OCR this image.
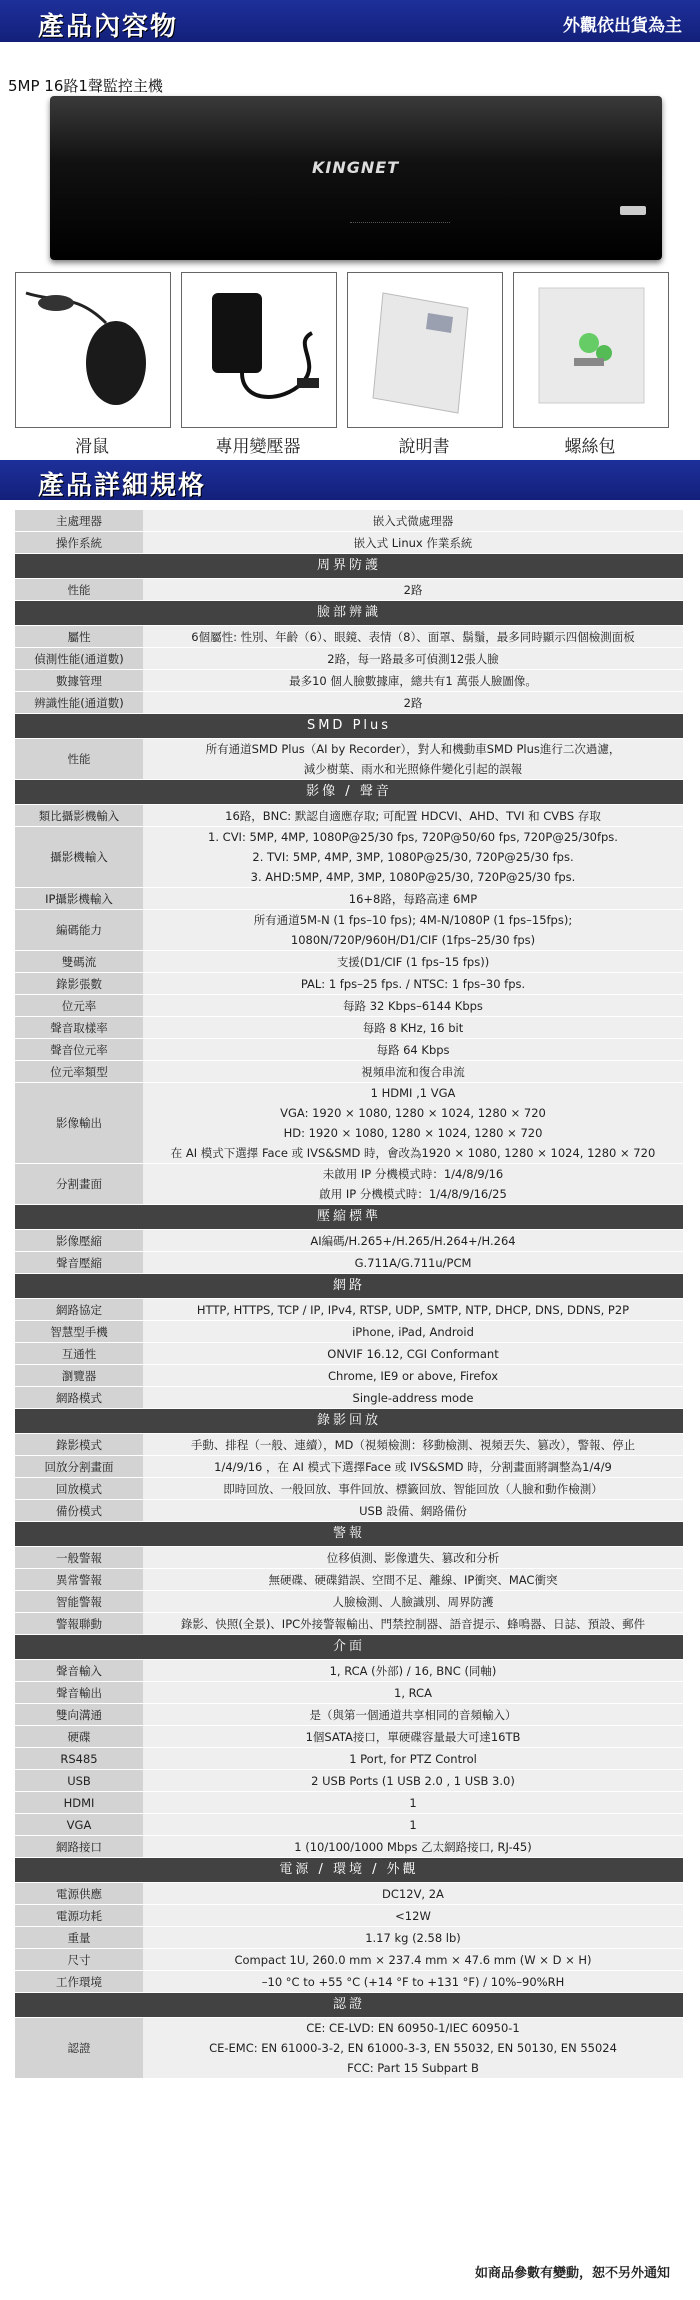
產品內容物	外觀依出貨為主
5MP 16路1聲監控主機
KINGNET
滑鼠	專用變壓器	說明書	螺絲包
產品詳細規格
主處理器	嵌入式微處理器

操作系統	嵌入式 Linux 作業系統

周界防護	
性能	2路

臉部辨識	
屬性	6個屬性: 性別、年齡（6）、眼鏡、表情（8）、面罩、鬍鬚，最多同時顯示四個檢測面板

偵測性能(通道數)	2路，每一路最多可偵測12張人臉

數據管理	最多10 個人臉數據庫，總共有1 萬張人臉圖像。

辨識性能(通道數)	2路

SMD Plus	
性能	所有通道SMD Plus（AI by Recorder），對人和機動車SMD Plus進行二次過濾，
減少樹葉、雨水和光照條件變化引起的誤報

影像 / 聲音	
類比攝影機輸入	16路，BNC: 默認自適應存取; 可配置 HDCVI、AHD、TVI 和 CVBS 存取

攝影機輸入	1. CVI: 5MP, 4MP, 1080P@25/30 fps, 720P@50/60 fps, 720P@25/30fps.
2. TVI: 5MP, 4MP, 3MP, 1080P@25/30, 720P@25/30 fps.
3. AHD:5MP, 4MP, 3MP, 1080P@25/30, 720P@25/30 fps.

IP攝影機輸入	16+8路，每路高達 6MP

編碼能力	所有通道5M-N (1 fps–10 fps); 4M-N/1080P (1 fps–15fps);
1080N/720P/960H/D1/CIF (1fps–25/30 fps)

雙碼流	支援(D1/CIF (1 fps–15 fps))

錄影張數	PAL: 1 fps–25 fps. / NTSC: 1 fps–30 fps.

位元率	每路 32 Kbps–6144 Kbps

聲音取樣率	每路 8 KHz, 16 bit

聲音位元率	每路 64 Kbps

位元率類型	視頻串流和復合串流

影像輸出	1 HDMI ,1 VGA
VGA: 1920 × 1080, 1280 × 1024, 1280 × 720
HD: 1920 × 1080, 1280 × 1024, 1280 × 720
在 AI 模式下選擇 Face 或 IVS&SMD 時，會改為1920 × 1080, 1280 × 1024, 1280 × 720

分割畫面	未啟用 IP 分機模式時：1/4/8/9/16
啟用 IP 分機模式時：1/4/8/9/16/25

壓縮標準	
影像壓縮	AI編碼/H.265+/H.265/H.264+/H.264

聲音壓縮	G.711A/G.711u/PCM

網路	
網路協定	HTTP, HTTPS, TCP / IP, IPv4, RTSP, UDP, SMTP, NTP, DHCP, DNS, DDNS, P2P

智慧型手機	iPhone, iPad, Android

互通性	ONVIF 16.12, CGI Conformant

瀏覽器	Chrome, IE9 or above, Firefox

網路模式	Single-address mode

錄影回放	
錄影模式	手動、排程（一般、連續），MD（視頻檢測：移動檢測、視頻丟失、篡改），警報、停止

回放分割畫面	1/4/9/16 ，在 AI 模式下選擇Face 或 IVS&SMD 時，分割畫面將調整為1/4/9

回放模式	即時回放、一般回放、事件回放、標籤回放、智能回放（人臉和動作檢測）

備份模式	USB 設備、網路備份

警報	
一般警報	位移偵測、影像遺失、篡改和分析

異常警報	無硬碟、硬碟錯誤、空間不足、離線、IP衝突、MAC衝突

智能警報	人臉檢測、人臉識別、周界防護

警報聯動	錄影、快照(全景)、IPC外接警報輸出、門禁控制器、語音提示、蜂鳴器、日誌、預設、郵件

介面	
聲音輸入	1, RCA (外部) / 16, BNC (同軸)

聲音輸出	1, RCA

雙向溝通	是（與第一個通道共享相同的音頻輸入）

硬碟	1個SATA接口，單硬碟容量最大可達16TB

RS485	1 Port, for PTZ Control

USB	2 USB Ports (1 USB 2.0 , 1 USB 3.0)

HDMI	1

VGA	1

網路接口	1 (10/100/1000 Mbps 乙太網路接口, RJ-45)

電源 / 環境 / 外觀	
電源供應	DC12V, 2A

電源功耗	<12W

重量	1.17 kg (2.58 lb)

尺寸	Compact 1U, 260.0 mm × 237.4 mm × 47.6 mm (W × D × H)

工作環境	–10 °C to +55 °C (+14 °F to +131 °F) / 10%–90%RH

認證	
認證	CE: CE-LVD: EN 60950-1/IEC 60950-1
CE-EMC: EN 61000-3-2, EN 61000-3-3, EN 55032, EN 50130, EN 55024
FCC: Part 15 Subpart B
如商品參數有變動，恕不另外通知
